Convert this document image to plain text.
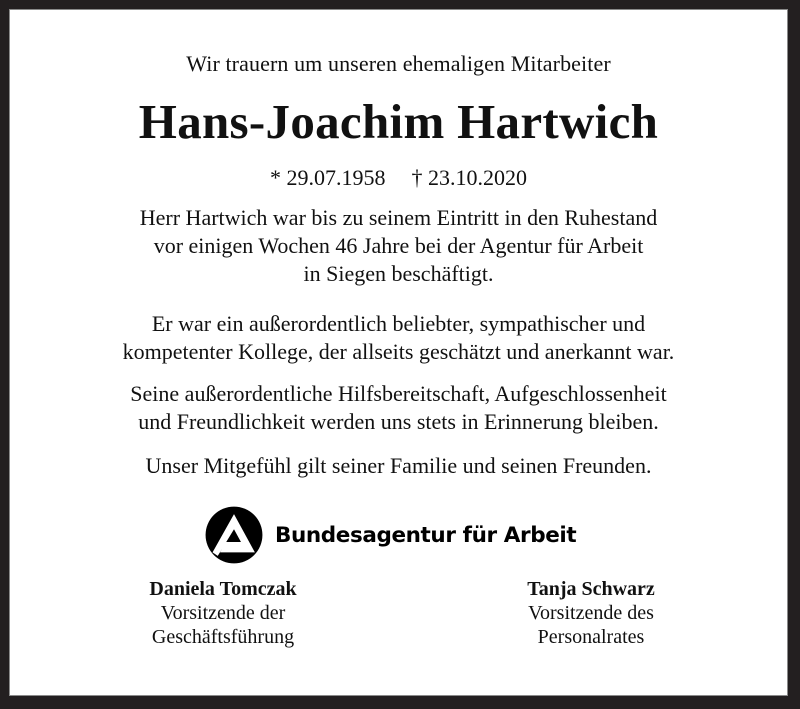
Wir trauern um unseren ehemaligen Mitarbeiter
Hans-Joachim Hartwich
* 29.07.1958 † 23.10.2020
Herr Hartwich war bis zu seinem Eintritt in den Ruhestand
vor einigen Wochen 46 Jahre bei der Agentur für Arbeit
in Siegen beschäftigt.
Er war ein außerordentlich beliebter, sympathischer und
kompetenter Kollege, der allseits geschätzt und anerkannt war.
Seine außerordentliche Hilfsbereitschaft, Aufgeschlossenheit
und Freundlichkeit werden uns stets in Erinnerung bleiben.
Unser Mitgefühl gilt seiner Familie und seinen Freunden.
Bundesagentur für Arbeit
Daniela Tomczak
Vorsitzende der
Geschäftsführung
Tanja Schwarz
Vorsitzende des
Personalrates
